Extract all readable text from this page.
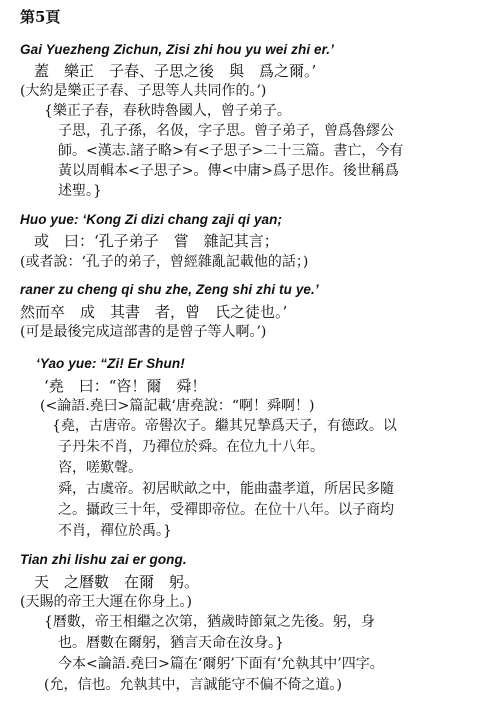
第5頁
Gai Yuezheng Zichun, Zisi zhi hou yu wei zhi er.’
蓋　樂正　子春、子思之後　與　爲之爾。’
(大約是樂正子春、子思等人共同作的。’)
{樂正子春，春秋時魯國人，曾子弟子。
子思，孔子孫，名伋，字子思。曾子弟子，曾爲魯繆公
師。<漢志.諸子略>有<子思子>二十三篇。書亡，今有
黃以周輯本<子思子>。傳<中庸>爲子思作。後世稱爲
述聖。}
Huo yue: ‘Kong Zi dizi chang zaji qi yan;
或　曰：‘孔子弟子　嘗　雜記其言；
(或者說：‘孔子的弟子，曾經雜亂記載他的話；)
raner zu cheng qi shu zhe, Zeng shi zhi tu ye.’
然而卒　成　其書　者，曾　氏之徒也。’
(可是最後完成這部書的是曾子等人啊。’)
‘Yao yue: “Zi! Er Shun!
‘堯　曰：“咨！爾　舜！
(<論語.堯曰>篇記載‘唐堯說：“啊！舜啊！)
{堯，古唐帝。帝嚳次子。繼其兄摯爲天子，有德政。以
子丹朱不肖，乃禪位於舜。在位九十八年。
咨，嗟歎聲。
舜，古虞帝。初居畎畝之中，能曲盡孝道，所居民多隨
之。攝政三十年，受禪即帝位。在位十八年。以子商均
不肖，禪位於禹。}
Tian zhi lishu zai er gong.
天　之曆數　在爾　躬。
(天賜的帝王大運在你身上。)
{曆數，帝王相繼之次第，猶歲時節氣之先後。躬，身
也。曆數在爾躬，猶言天命在汝身。}
今本<論語.堯曰>篇在‘爾躬’下面有‘允執其中’四字。
(允，信也。允執其中，言誠能守不偏不倚之道。)
